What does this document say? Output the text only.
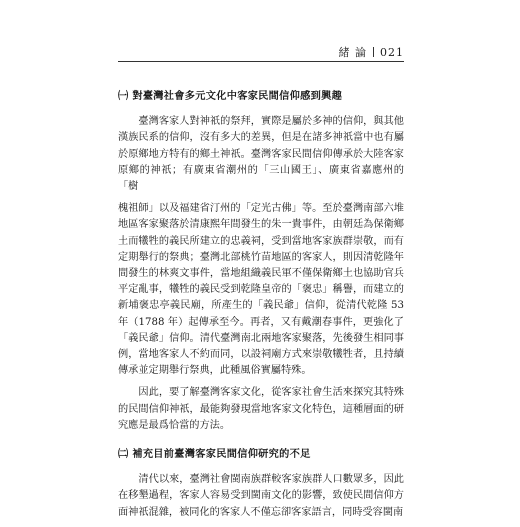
緒 論 021
㈠ 對臺灣社會多元文化中客家民間信仰感到興趣

臺灣客家人對神祇的祭拜，實際是屬於多神的信仰，與其他漢族民系的信仰，沒有多大的差異，但是在諸多神祇當中也有屬於原鄉地方特有的鄉土神祇。臺灣客家民間信仰傳承於大陸客家原鄉的神祇；有廣東省潮州的「三山國王」、廣東省嘉應州的「樹

槐祖師」以及福建省汀州的「定光古佛」等。至於臺灣南部六堆地區客家聚落於清康熙年間發生的朱一貴事件，由朝廷為保衛鄉土而犧牲的義民所建立的忠義祠，受到當地客家族群崇敬，而有定期舉行的祭典；臺灣北部桃竹苗地區的客家人，則因清乾隆年間發生的林爽文事件，當地組織義民軍不僅保衛鄉土也協助官兵平定亂事，犧牲的義民受到乾隆皇帝的「褒忠」稱譽，而建立的新埔褒忠亭義民廟，所產生的「義民爺」信仰，從清代乾隆 53 年（1788 年）起傳承至今。再者，又有戴潮春事件，更強化了「義民爺」信仰。清代臺灣南北兩地客家聚落，先後發生相同事例，當地客家人不約而同，以設祠廟方式來崇敬犧牲者，且持續傳承並定期舉行祭典，此種風俗實屬特殊。

因此，要了解臺灣客家文化，從客家社會生活來探究其特殊的民間信仰神祇，最能夠發現當地客家文化特色，這種層面的研究應是最爲恰當的方法。

㈡ 補充目前臺灣客家民間信仰研究的不足

清代以來，臺灣社會閩南族群較客家族群人口數眾多，因此在移墾過程，客家人容易受到閩南文化的影響，致使民間信仰方面神祇混雜，被同化的客家人不僅忘卻客家語言，同時受容閩南
